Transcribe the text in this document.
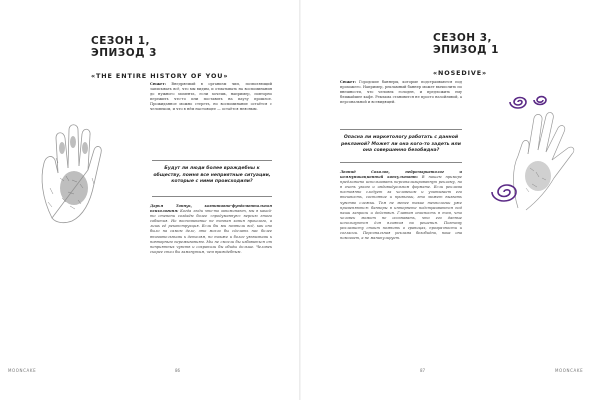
СЕЗОН 1,
ЭПИЗОД 3
«THE ENTIRE HISTORY OF YOU»
Сюжет: Внедряемый в организм чип, позволяющий записывать всё, что мы видим, и отматывать на воспоминания до нужного момента, если хочешь, например, повторно пережить что-то или поставить на паузу прошлое. Прожиданное можно стереть, но воспоминание остаётся с человеком, и что в нём настоящее — остаётся неясным.
Будут ли люди более враждебны к обществу, помня все неприятные ситуации, которые с ними происходили?
Дарья Тоннук, когнитивно-фундаментальная психологиня: Когда люди что-то запоминают, мы в какой-то степени создаём более «продуманную» версию этого события. Но воспоминание не точная копия прошлого, а лишь её реконструкция. Если бы мы помнили всё, как оно было на самом деле, это могло бы сделать нас более внимательными к деталям, но также и более уязвимыми к повторным переживаниям. Мы не смогли бы избавиться от неприятных чувств и сохранили бы обиды дольше. Человек скорее стал бы замкнутым, чем враждебным.
MOONCAKE	86
СЕЗОН 3,
ЭПИЗОД 1
«NOSEDIVE»
Сюжет: Городские баннеры, которые подстраиваются под прохожего. Например, рекламный баннер может вычислить по внешности, что человек голоден, и предложить ему ближайшее кафе. Реклама становится не просто назойливой, а персональной и всевидящей.
Опасна ли маркетологу работать с данной рекламой? Может ли она кого-то задеть или она совершенно безобидна?
Леонид Соколов, нейромаркетолог и коммуникационный консультант: В нашем примере предложено использовать персонализированную рекламу, но в очень узком и индивидуальном формате. Если реклама постоянно следует за человеком и учитывает его внешность, состояние и привычки, это может вызвать чувство слежки. Тем не менее такие технологии уже применяются: баннеры в интернете подстраиваются под наши запросы и действия. Главная опасность в том, что человек может не осознавать, что его данные используются для влияния на решения. Поэтому рекламисту стоит помнить о границах, прозрачности и согласии. Персональная реклама безобидна, пока она помогает, а не манипулирует.
MOONCAKE
87
